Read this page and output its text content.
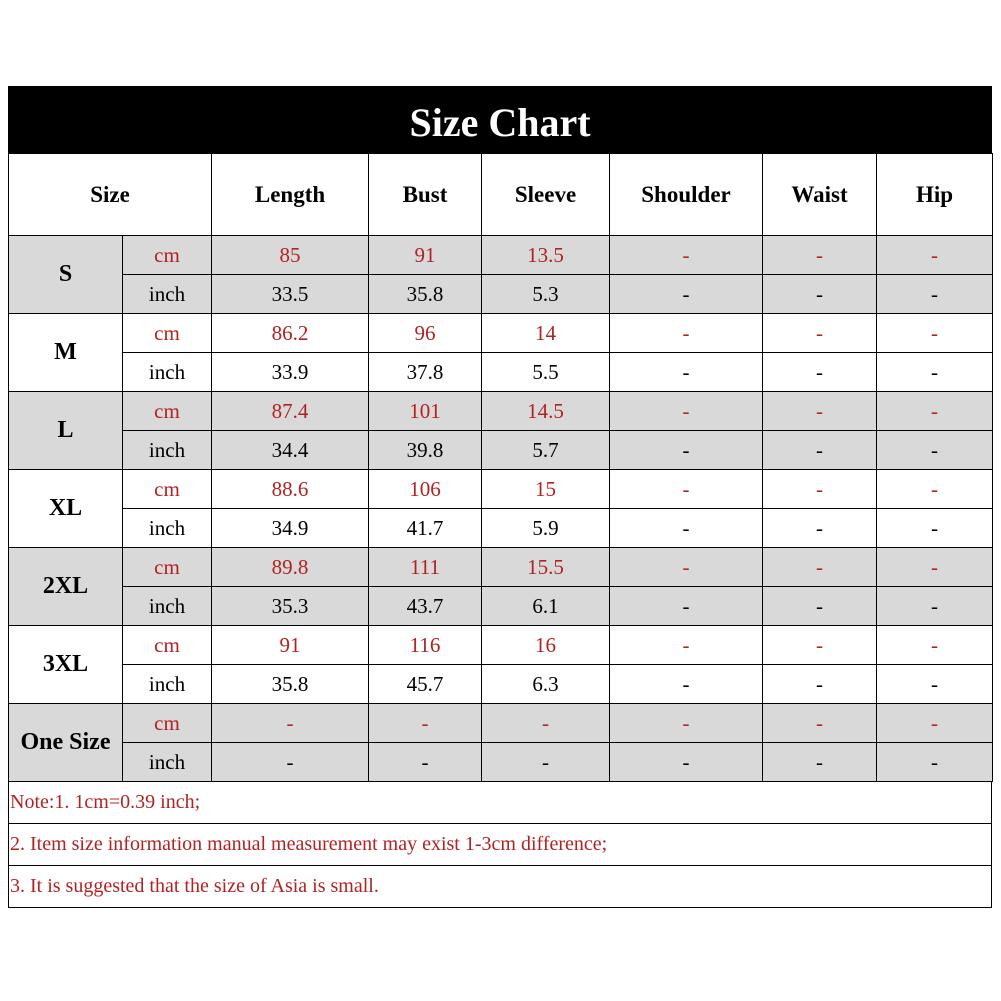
Size Chart
Size		Length	Bust	Sleeve	Shoulder	Waist	Hip
S	cm	85	91	13.5	-	-	-
	inch	33.5	35.8	5.3	-	-	-
M	cm	86.2	96	14	-	-	-
	inch	33.9	37.8	5.5	-	-	-
L	cm	87.4	101	14.5	-	-	-
	inch	34.4	39.8	5.7	-	-	-
XL	cm	88.6	106	15	-	-	-
	inch	34.9	41.7	5.9	-	-	-
2XL	cm	89.8	111	15.5	-	-	-
	inch	35.3	43.7	6.1	-	-	-
3XL	cm	91	116	16	-	-	-
	inch	35.8	45.7	6.3	-	-	-
One Size	cm	-	-	-	-	-	-
	inch	-	-	-	-	-	-
Note:1. 1cm=0.39 inch;
2. Item size information manual measurement may exist 1-3cm difference;
3. It is suggested that the size of Asia is small.
